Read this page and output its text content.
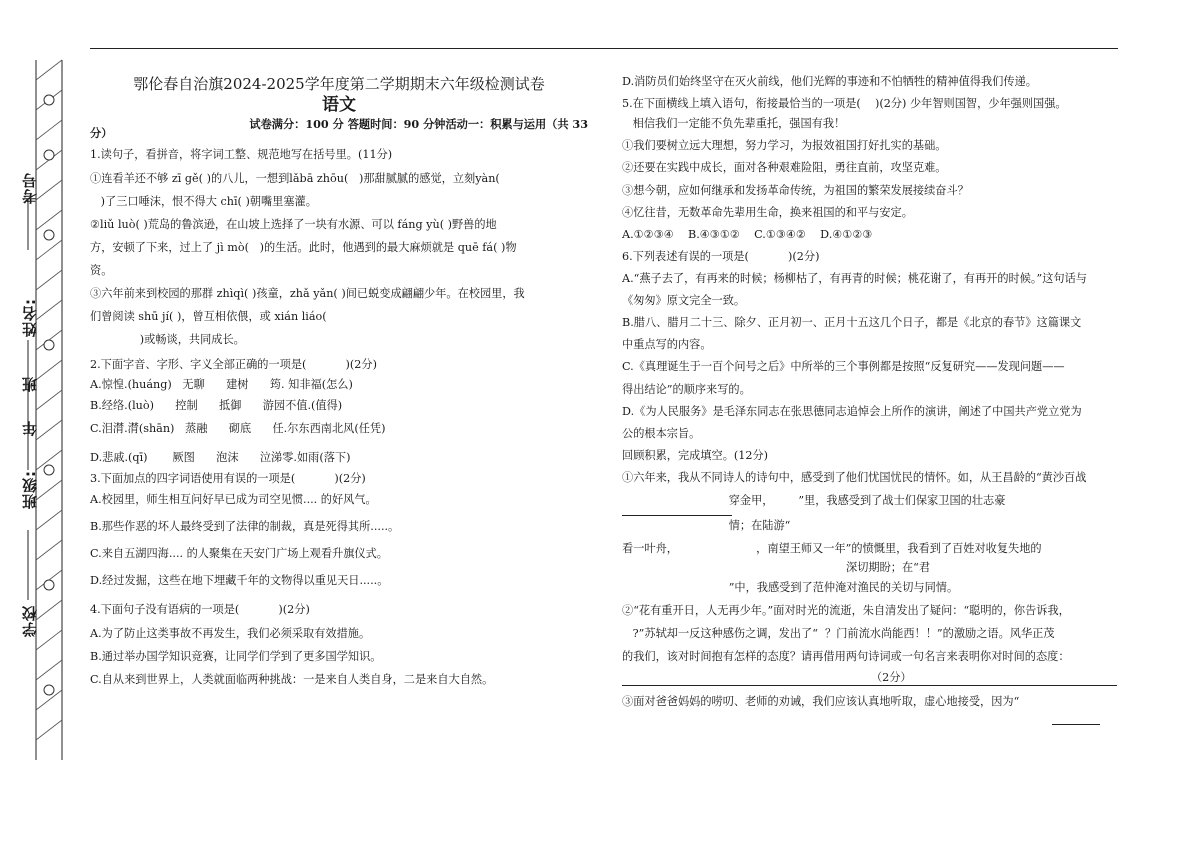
考号
姓名:
班
年
班级:
学校

鄂伦春自治旗2024-2025学年度第二学期期末六年级检测试卷

语文

试卷满分：100 分 答题时间：90 分钟活动一：积累与运用（共 33

分）

1.读句子，看拼音，将字词工整、规范地写在括号里。(11分)

①连看羊还不够 zī gě( )的八儿，一想到lǎbā zhōu(   )那甜腻腻的感觉，立刻yàn(

)了三口唾沫，恨不得大 chī( )朝嘴里塞灌。

②liǔ luò( )荒岛的鲁滨逊，在山坡上选择了一块有水源、可以 fáng yù( )野兽的地

方，安顿了下来，过上了 jì mò(   )的生活。此时，他遇到的最大麻烦就是 quē fá( )物

资。

③六年前来到校园的那群 zhìqì( )孩童，zhǎ yǎn( )间已蜕变成翩翩少年。在校园里，我

们曾阅读 shū jí( )，曾互相依偎，或 xián liáo(

)或畅谈，共同成长。

2.下面字音、字形、字义全部正确的一项是(           )(2分)

A.惊惶.(huáng)   无聊      建树      筠. 知非福(怎么)

B.经络.(luò)      控制      抵御      游园不值.(值得)

C.泪潸.潸(shān)   蒸融      砌底      任.尔东西南北风(任凭)

D.悲戚.(qī)       厥图      泡沫      泣涕零.如雨(落下)

3.下面加点的四字词语使用有误的一项是(           )(2分)

A.校园里，师生相互问好早已成为司空见惯.... 的好风气。

B.那些作恶的坏人最终受到了法律的制裁，真是死得其所.....。

C.来自五湖四海.... 的人聚集在天安门广场上观看升旗仪式。

D.经过发掘，这些在地下埋藏千年的文物得以重见天日.....。

4.下面句子没有语病的一项是(           )(2分)

A.为了防止这类事故不再发生，我们必须采取有效措施。

B.通过举办国学知识竞赛，让同学们学到了更多国学知识。

C.自从来到世界上，人类就面临两种挑战：一是来自人类自身，二是来自大自然。

D.消防员们始终坚守在灭火前线，他们光辉的事迹和不怕牺牲的精神值得我们传递。

5.在下面横线上填入语句，衔接最恰当的一项是(    )(2分) 少年智则国智，少年强则国强。

相信我们一定能不负先辈重托，强国有我！

①我们要树立远大理想，努力学习，为报效祖国打好扎实的基础。

②还要在实践中成长，面对各种艰难险阻，勇往直前，攻坚克难。

③想今朝，应如何继承和发扬革命传统，为祖国的繁荣发展接续奋斗？

④忆往昔，无数革命先辈用生命，换来祖国的和平与安定。

A.①②③④    B.④③①②    C.①③④②    D.④①②③

6.下列表述有误的一项是(           )(2分)

A.“燕子去了，有再来的时候；杨柳枯了，有再青的时候；桃花谢了，有再开的时候。”这句话与

《匆匆》原文完全一致。

B.腊八、腊月二十三、除夕、正月初一、正月十五这几个日子，都是《北京的春节》这篇课文

中重点写的内容。

C.《真理诞生于一百个问号之后》中所举的三个事例都是按照“反复研究——发现问题——

得出结论”的顺序来写的。

D.《为人民服务》是毛泽东同志在张思德同志追悼会上所作的演讲，阐述了中国共产党立党为

公的根本宗旨。

回顾积累，完成填空。(12分)

①六年来，我从不同诗人的诗句中，感受到了他们忧国忧民的情怀。如，从王昌龄的“黄沙百战

穿金甲，       ”里，我感受到了战士们保家卫国的壮志豪

情；在陆游“

看一叶舟，                      ，南望王师又一年”的愤慨里，我看到了百姓对收复失地的

深切期盼；在“君

”中，我感受到了范仲淹对渔民的关切与同情。

②“花有重开日，人无再少年。”面对时光的流逝，朱自清发出了疑问：“聪明的，你告诉我，

?”苏轼却一反这种感伤之调，发出了“  ？门前流水尚能西！！”的激励之语。风华正茂

的我们，该对时间抱有怎样的态度？请再借用两句诗词或一句名言来表明你对时间的态度：

（2分）

③面对爸爸妈妈的唠叨、老师的劝诫，我们应该认真地听取，虚心地接受，因为“
